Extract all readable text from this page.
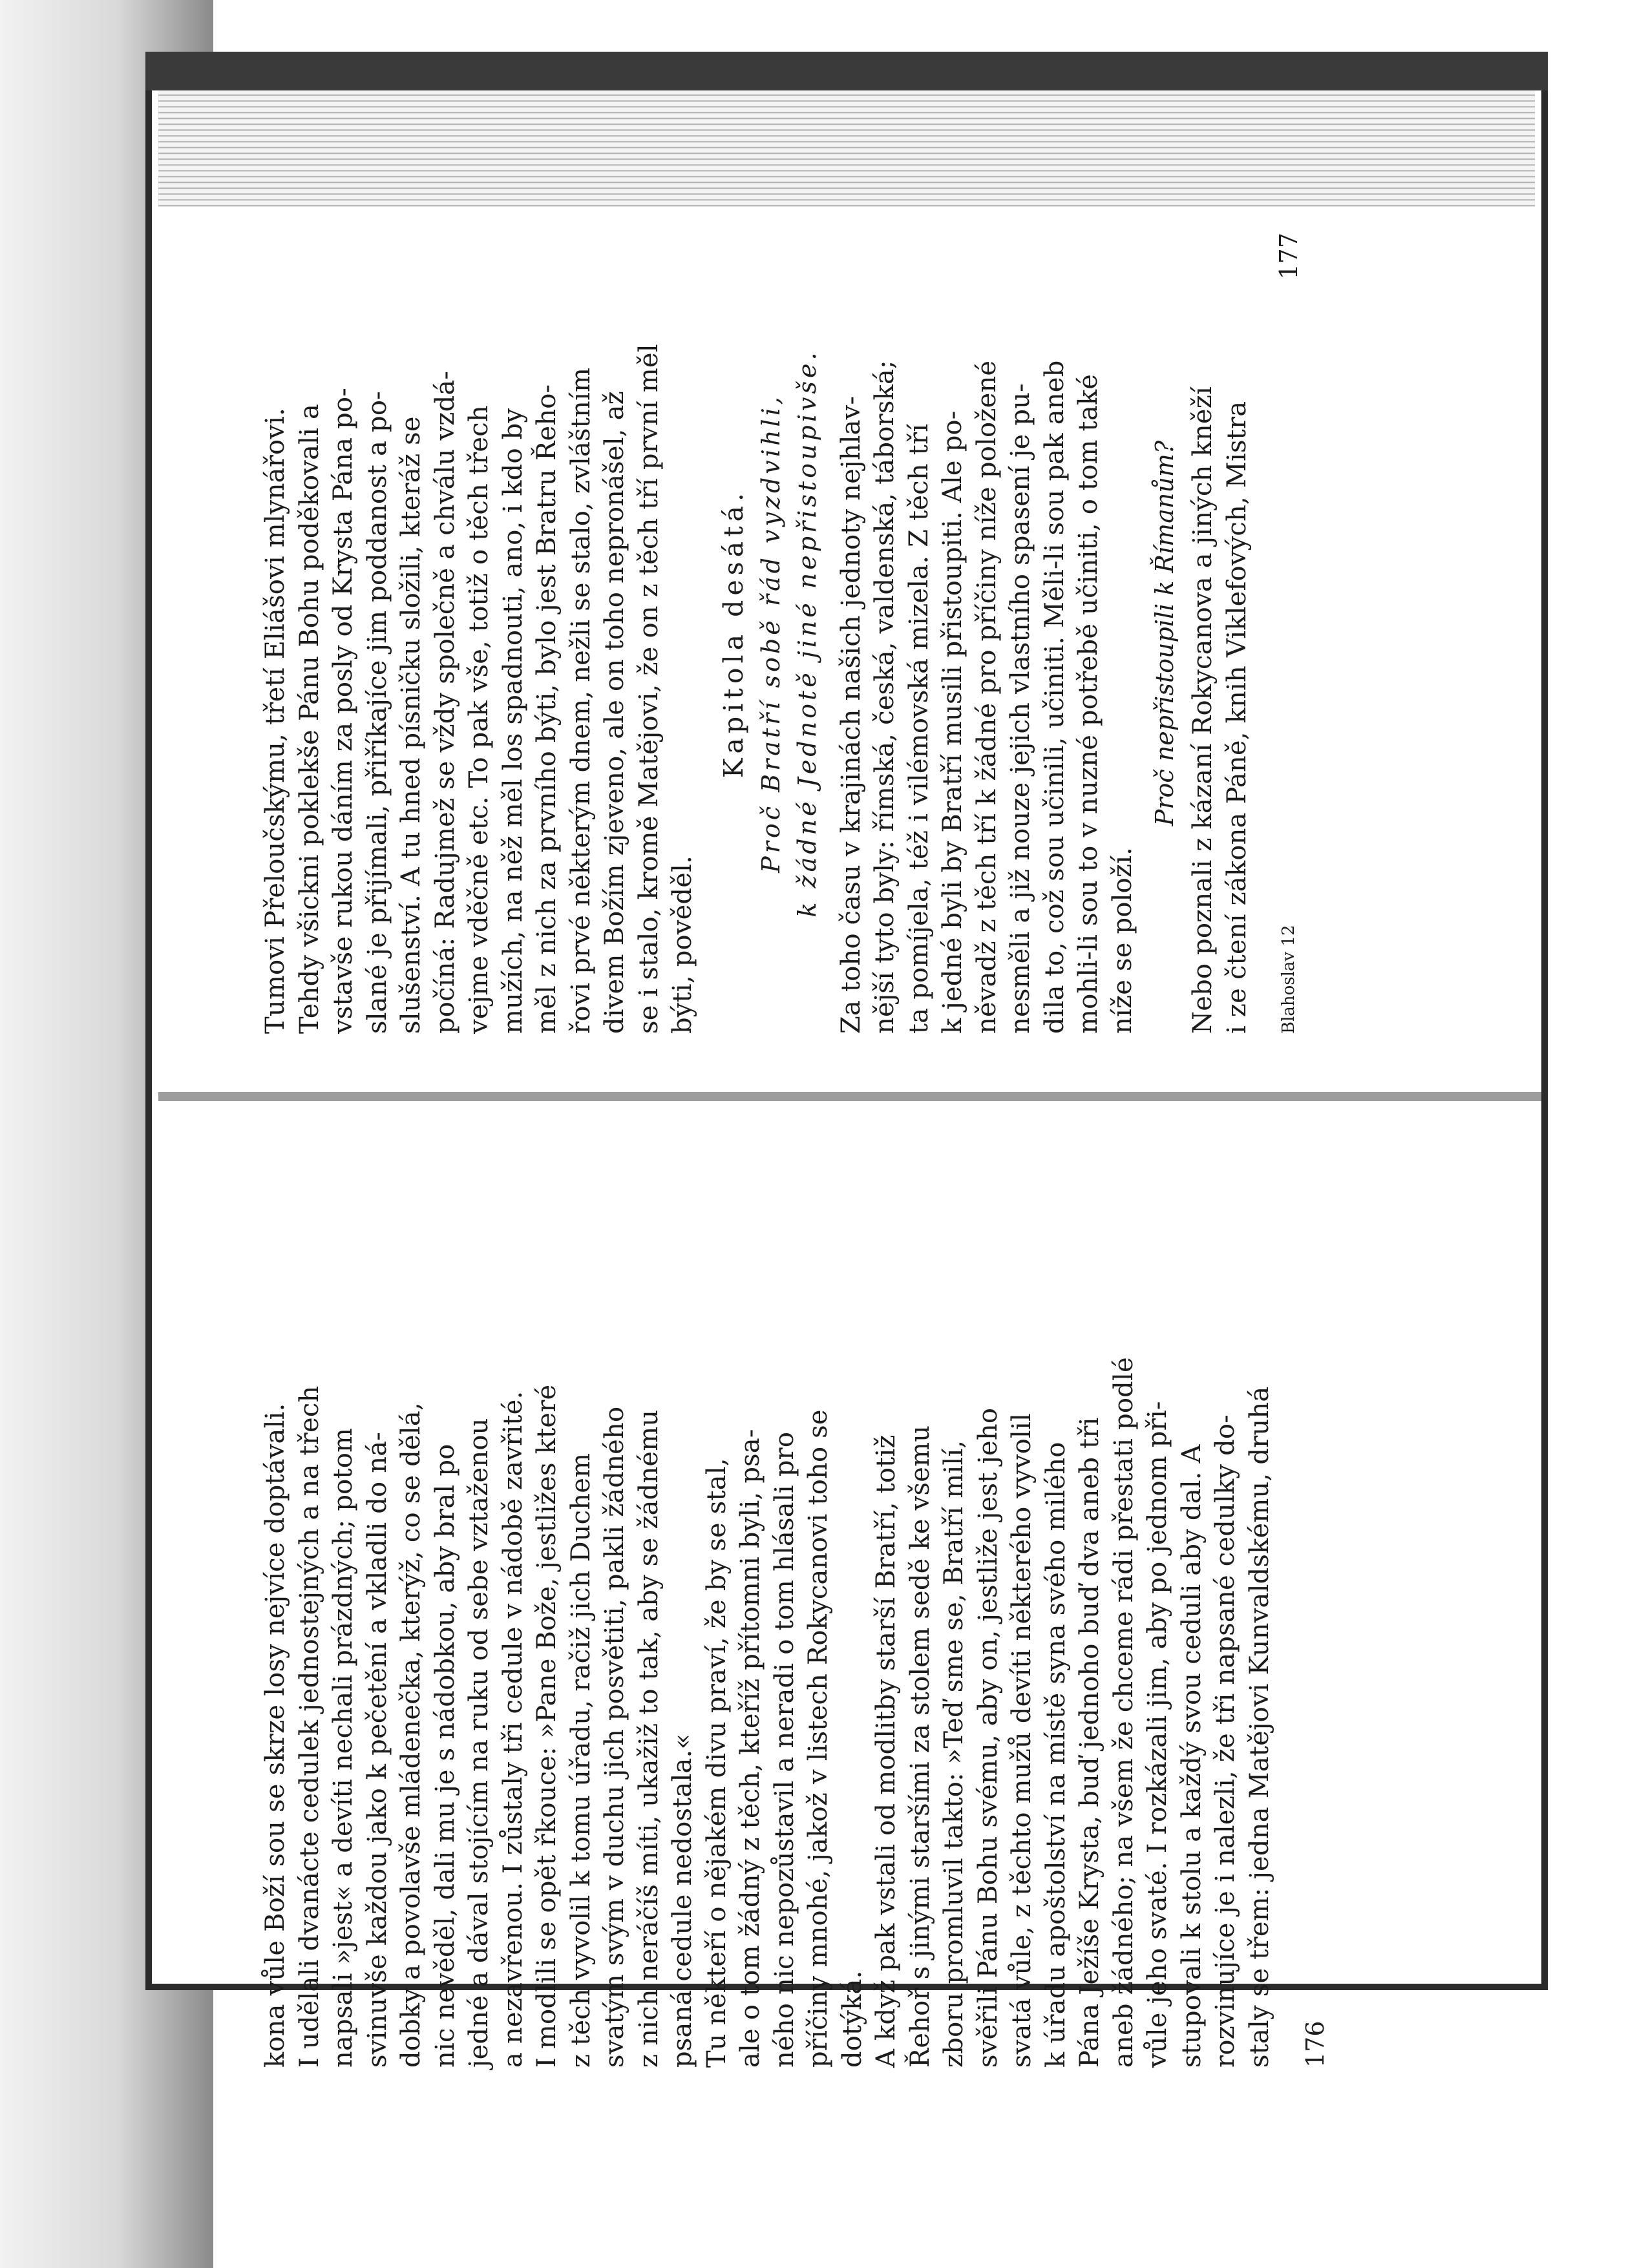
Tumovi Přeloučskýmu, třetí Eliášovi mlynářovi. Tehdy všickni poklekše Pánu Bohu poděkovali a vstavše rukou dáním za posly od Krysta Pána po- slané je přijímali, přiříkajíce jim poddanost a po- slušenství. A tu hned písničku složili, kteráž se počíná: Radujmež se vždy společně a chválu vzdá- vejme vděčně etc. To pak vše, totiž o těch třech mužích, na něž měl los spadnouti, ano, i kdo by měl z nich za prvního býti, bylo jest Bratru Řeho- řovi prvé některým dnem, nežli se stalo, zvláštním divem Božím zjeveno, ale on toho nepronášel, až se i stalo, kromě Matějovi, že on z těch tří první měl býti, pověděl.
Kapitola desátá. Proč Bratří sobě řád vyzdvihli, k žádné Jednotě jiné nepřistoupivše. Za toho času v krajinách našich jednoty nejhlav- nější tyto byly: římská, česká, valdenská, táborská; ta pomíjela, též i vilémovská mizela. Z těch tří k jedné byli by Bratří musili přistoupiti. Ale po- něvadž z těch tří k žádné pro příčiny níže položené nesměli a již nouze jejich vlastního spasení je pu- dila to, což sou učinili, učiniti. Měli-li sou pak aneb mohli-li sou to v nuzné potřebě učiniti, o tom také níže se položí.
Proč nepřistoupili k Římanům? Nebo poznali z kázaní Rokycanova a jiných kněží i ze čtení zákona Páně, knih Viklefových, Mistra	Blahoslav 12
177
kona vůle Boží sou se skrze losy nejvíce doptávali. I udělali dvanácte cedulek jednostejných a na třech napsali »jest« a devíti nechali prázdných; potom svinuvše každou jako k pečetění a vkladli do ná- dobky a povolavše mládenečka, kterýž, co se dělá, nic nevěděl, dali mu je s nádobkou, aby bral po jedné a dával stojícím na ruku od sebe vztaženou a nezavřenou. I zůstaly tři cedule v nádobě zavřité. I modlili se opět řkouce: »Pane Bože, jestližes které z těch vyvolil k tomu úřadu, račiž jich Duchem svatým svým v duchu jich posvětiti, pakli žádného z nich neráčíš míti, ukažiž to tak, aby se žádnému psaná cedule nedostala.« Tu někteří o nějakém divu praví, že by se stal, ale o tom žádný z těch, kteříž přítomni byli, psa- ného nic nepozůstavil a neradi o tom hlásali pro příčiny mnohé, jakož v listech Rokycanovi toho se dotýká. A když pak vstali od modlitby starší Bratří, totiž Řehoř s jinými staršími za stolem sedě ke všemu zboru promluvil takto: »Teď sme se, Bratří milí, svěřili Pánu Bohu svému, aby on, jestliže jest jeho svatá vůle, z těchto mužů devíti některého vyvolil k úřadu apoštolství na místě syna svého milého Pána Ježíše Krysta, buď jednoho buď dva aneb tři aneb žádného; na všem že chceme rádi přestati podlé vůle jeho svaté. I rozkázali jim, aby po jednom při- stupovali k stolu a každý svou ceduli aby dal. A rozvinujíce je i nalezli, že tři napsané cedulky do- staly se třem: jedna Matějovi Kunvaldskému, druhá 176
